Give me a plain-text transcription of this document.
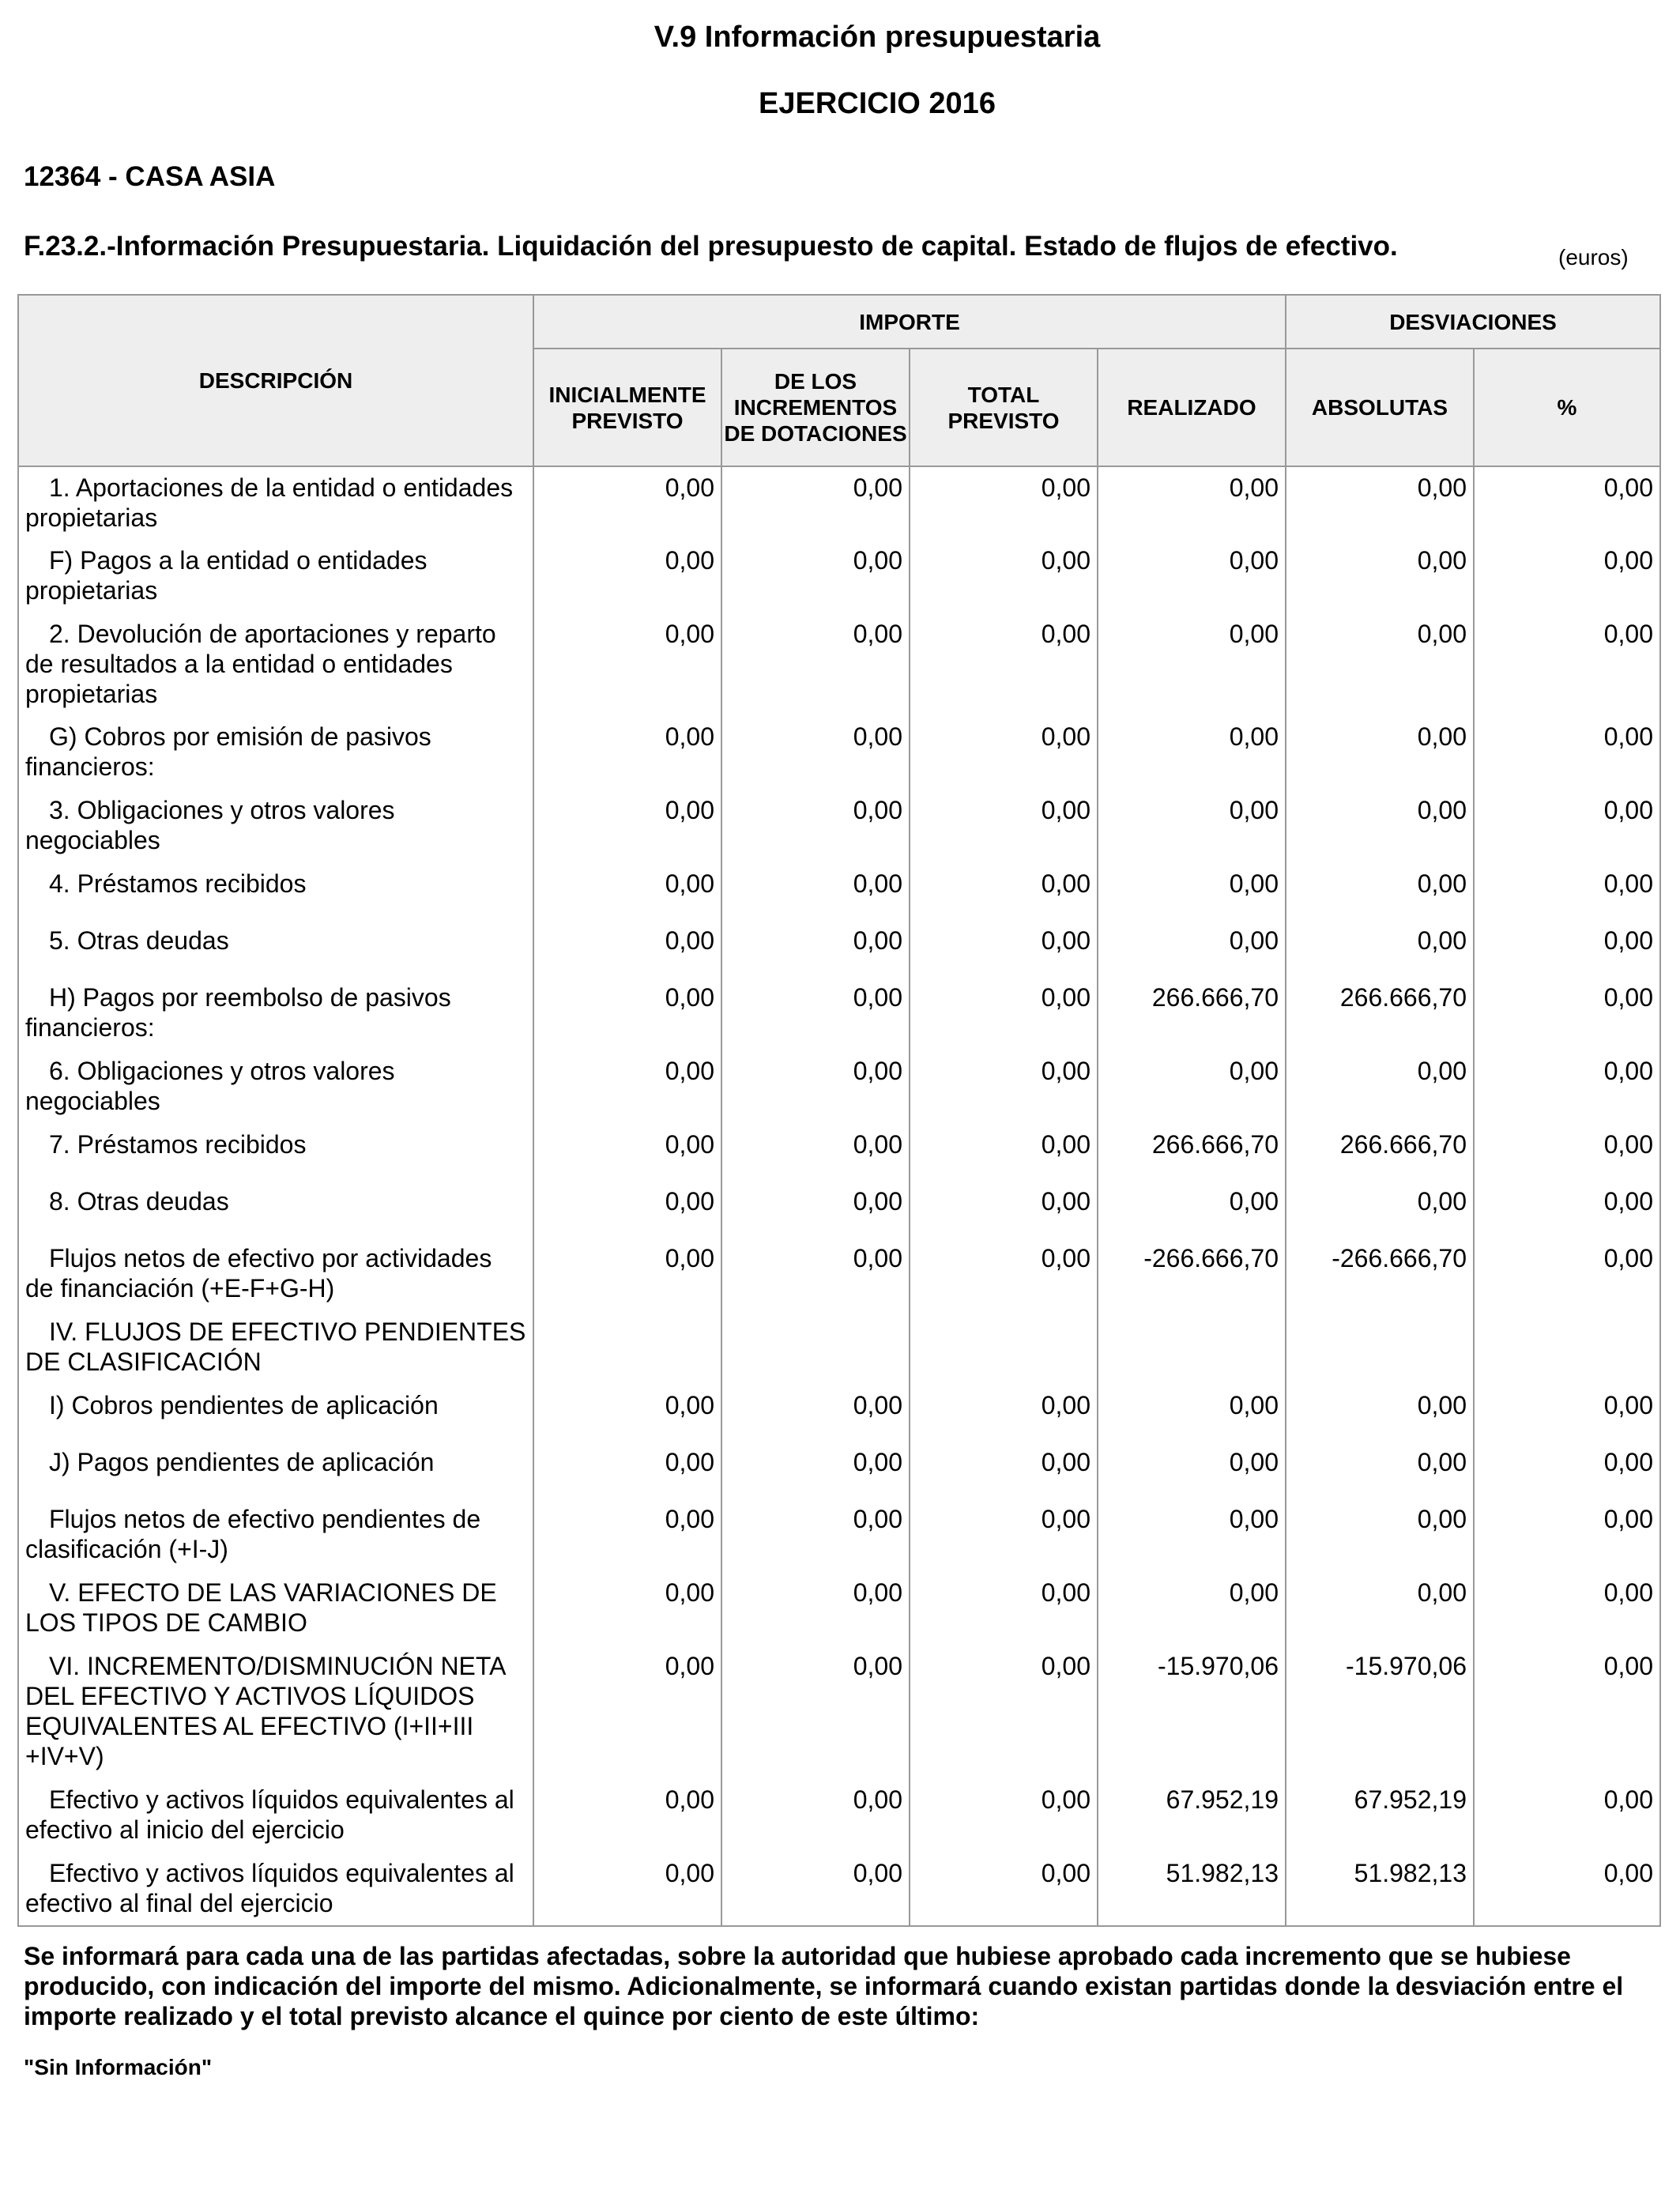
V.9 Información presupuestaria
EJERCICIO 2016
12364 - CASA ASIA
F.23.2.-Información Presupuestaria. Liquidación del presupuesto de capital. Estado de flujos de efectivo.	(euros)
DESCRIPCIÓN	IMPORTE				DESVIACIONES	
	INICIALMENTE PREVISTO	DE LOS INCREMENTOS DE DOTACIONES	TOTAL PREVISTO	REALIZADO	ABSOLUTAS	%
1. Aportaciones de la entidad o entidades propietarias	0,00	0,00	0,00	0,00	0,00	0,00
F) Pagos a la entidad o entidades propietarias	0,00	0,00	0,00	0,00	0,00	0,00
2. Devolución de aportaciones y reparto de resultados a la entidad o entidades propietarias	0,00	0,00	0,00	0,00	0,00	0,00
G) Cobros por emisión de pasivos financieros:	0,00	0,00	0,00	0,00	0,00	0,00
3. Obligaciones y otros valores negociables	0,00	0,00	0,00	0,00	0,00	0,00
4. Préstamos recibidos	0,00	0,00	0,00	0,00	0,00	0,00
5. Otras deudas	0,00	0,00	0,00	0,00	0,00	0,00
H) Pagos por reembolso de pasivos financieros:	0,00	0,00	0,00	266.666,70	266.666,70	0,00
6. Obligaciones y otros valores negociables	0,00	0,00	0,00	0,00	0,00	0,00
7. Préstamos recibidos	0,00	0,00	0,00	266.666,70	266.666,70	0,00
8. Otras deudas	0,00	0,00	0,00	0,00	0,00	0,00
Flujos netos de efectivo por actividades de financiación (+E-F+G-H)	0,00	0,00	0,00	-266.666,70	-266.666,70	0,00
IV. FLUJOS DE EFECTIVO PENDIENTES DE CLASIFICACIÓN						
I) Cobros pendientes de aplicación	0,00	0,00	0,00	0,00	0,00	0,00
J) Pagos pendientes de aplicación	0,00	0,00	0,00	0,00	0,00	0,00
Flujos netos de efectivo pendientes de clasificación (+I-J)	0,00	0,00	0,00	0,00	0,00	0,00
V. EFECTO DE LAS VARIACIONES DE LOS TIPOS DE CAMBIO	0,00	0,00	0,00	0,00	0,00	0,00
VI. INCREMENTO/DISMINUCIÓN NETA DEL EFECTIVO Y ACTIVOS LÍQUIDOS EQUIVALENTES AL EFECTIVO (I+II+III +IV+V)	0,00	0,00	0,00	-15.970,06	-15.970,06	0,00
Efectivo y activos líquidos equivalentes al efectivo al inicio del ejercicio	0,00	0,00	0,00	67.952,19	67.952,19	0,00
Efectivo y activos líquidos equivalentes al efectivo al final del ejercicio	0,00	0,00	0,00	51.982,13	51.982,13	0,00
Se informará para cada una de las partidas afectadas, sobre la autoridad que hubiese aprobado cada incremento que se hubiese producido, con indicación del importe del mismo. Adicionalmente, se informará cuando existan partidas donde la desviación entre el importe realizado y el total previsto alcance el quince por ciento de este último:
"Sin Información"
